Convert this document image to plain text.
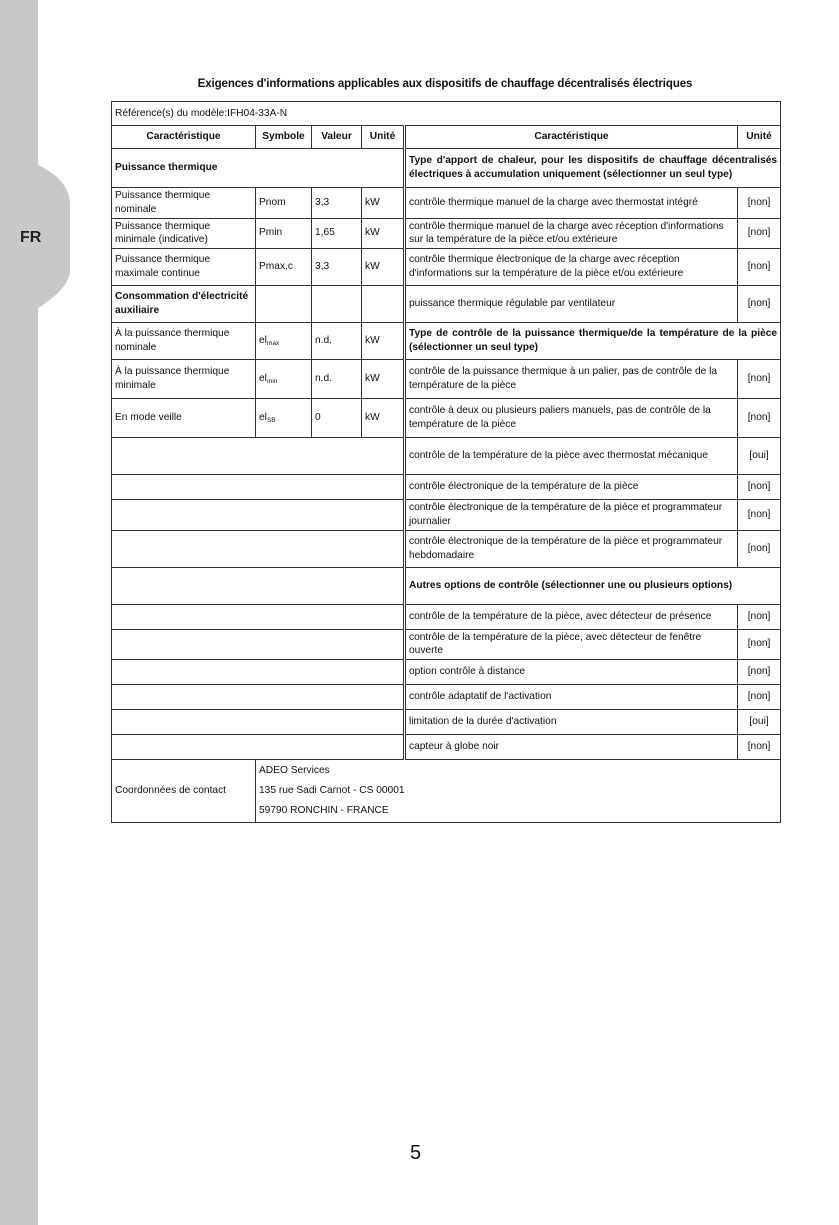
FR
Exigences d'informations applicables aux dispositifs de chauffage décentralisés électriques
Référence(s) du modèle:IFH04-33A-N					
Caractéristique	Symbole	Valeur	Unité	Caractéristique	Unité
Puissance thermique				Type d'apport de chaleur, pour les dispositifs de chauffage décentralisés électriques à accumulation uniquement (sélectionner un seul type)	
Puissance thermique nominale	Pnom	3,3	kW	contrôle thermique manuel de la charge avec thermostat intégré	[non]
Puissance thermique minimale (indicative)	Pmin	1,65	kW	contrôle thermique manuel de la charge avec réception d'informations sur la température de la pièce et/ou extérieure	[non]
Puissance thermique maximale continue	Pmax,c	3,3	kW	contrôle thermique électronique de la charge avec réception d'informations sur la température de la pièce et/ou extérieure	[non]
Consommation d'électricité auxiliaire				puissance thermique régulable par ventilateur	[non]
À la puissance thermique nominale	$el_{max}$	n.d.	kW	Type de contrôle de la puissance thermique/de la température de la pièce (sélectionner un seul type)	
À la puissance thermique minimale	$el_{min}$	n.d.	kW	contrôle de la puissance thermique à un palier, pas de contrôle de la température de la pièce	[non]
En mode veille	$el_{SB}$	0	kW	contrôle à deux ou plusieurs paliers manuels, pas de contrôle de la température de la pièce	[non]
				contrôle de la température de la pièce avec thermostat mécanique	[oui]
				contrôle électronique de la température de la pièce	[non]
				contrôle électronique de la température de la pièce et programmateur journalier	[non]
				contrôle électronique de la température de la pièce et programmateur hebdomadaire	[non]
				Autres options de contrôle (sélectionner une ou plusieurs options)	
				contrôle de la température de la pièce, avec détecteur de présence	[non]
				contrôle de la température de la pièce, avec détecteur de fenêtre ouverte	[non]
				option contrôle à distance	[non]
				contrôle adaptatif de l'activation	[non]
				limitation de la durée d'activation	[oui]
				capteur à globe noir	[non]
Coordonnées de contact	ADEO Services
135 rue Sadi Carnot - CS 00001
59790 RONCHIN - FRANCE				
5
